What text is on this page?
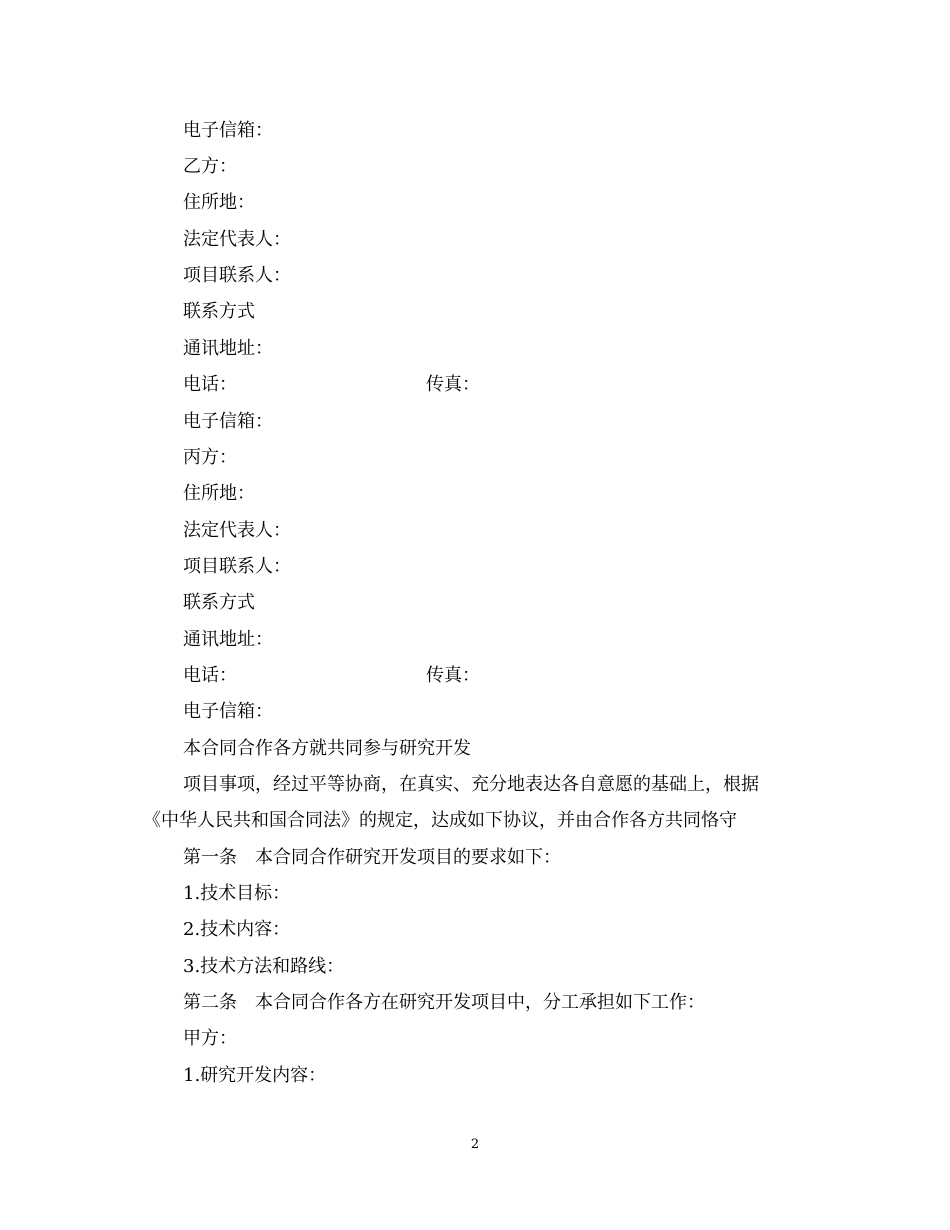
电子信箱：
乙方：
住所地：
法定代表人：
项目联系人：
联系方式
通讯地址：
电话：	传真：
电子信箱：
丙方：
住所地：
法定代表人：
项目联系人：
联系方式
通讯地址：
电话：	传真：
电子信箱：
本合同合作各方就共同参与研究开发
项目事项，经过平等协商，在真实、充分地表达各自意愿的基础上，根据
《中华人民共和国合同法》的规定，达成如下协议，并由合作各方共同恪守
第一条　本合同合作研究开发项目的要求如下：
1.技术目标：
2.技术内容：
3.技术方法和路线：
第二条　本合同合作各方在研究开发项目中，分工承担如下工作：
甲方：
1.研究开发内容：
2
